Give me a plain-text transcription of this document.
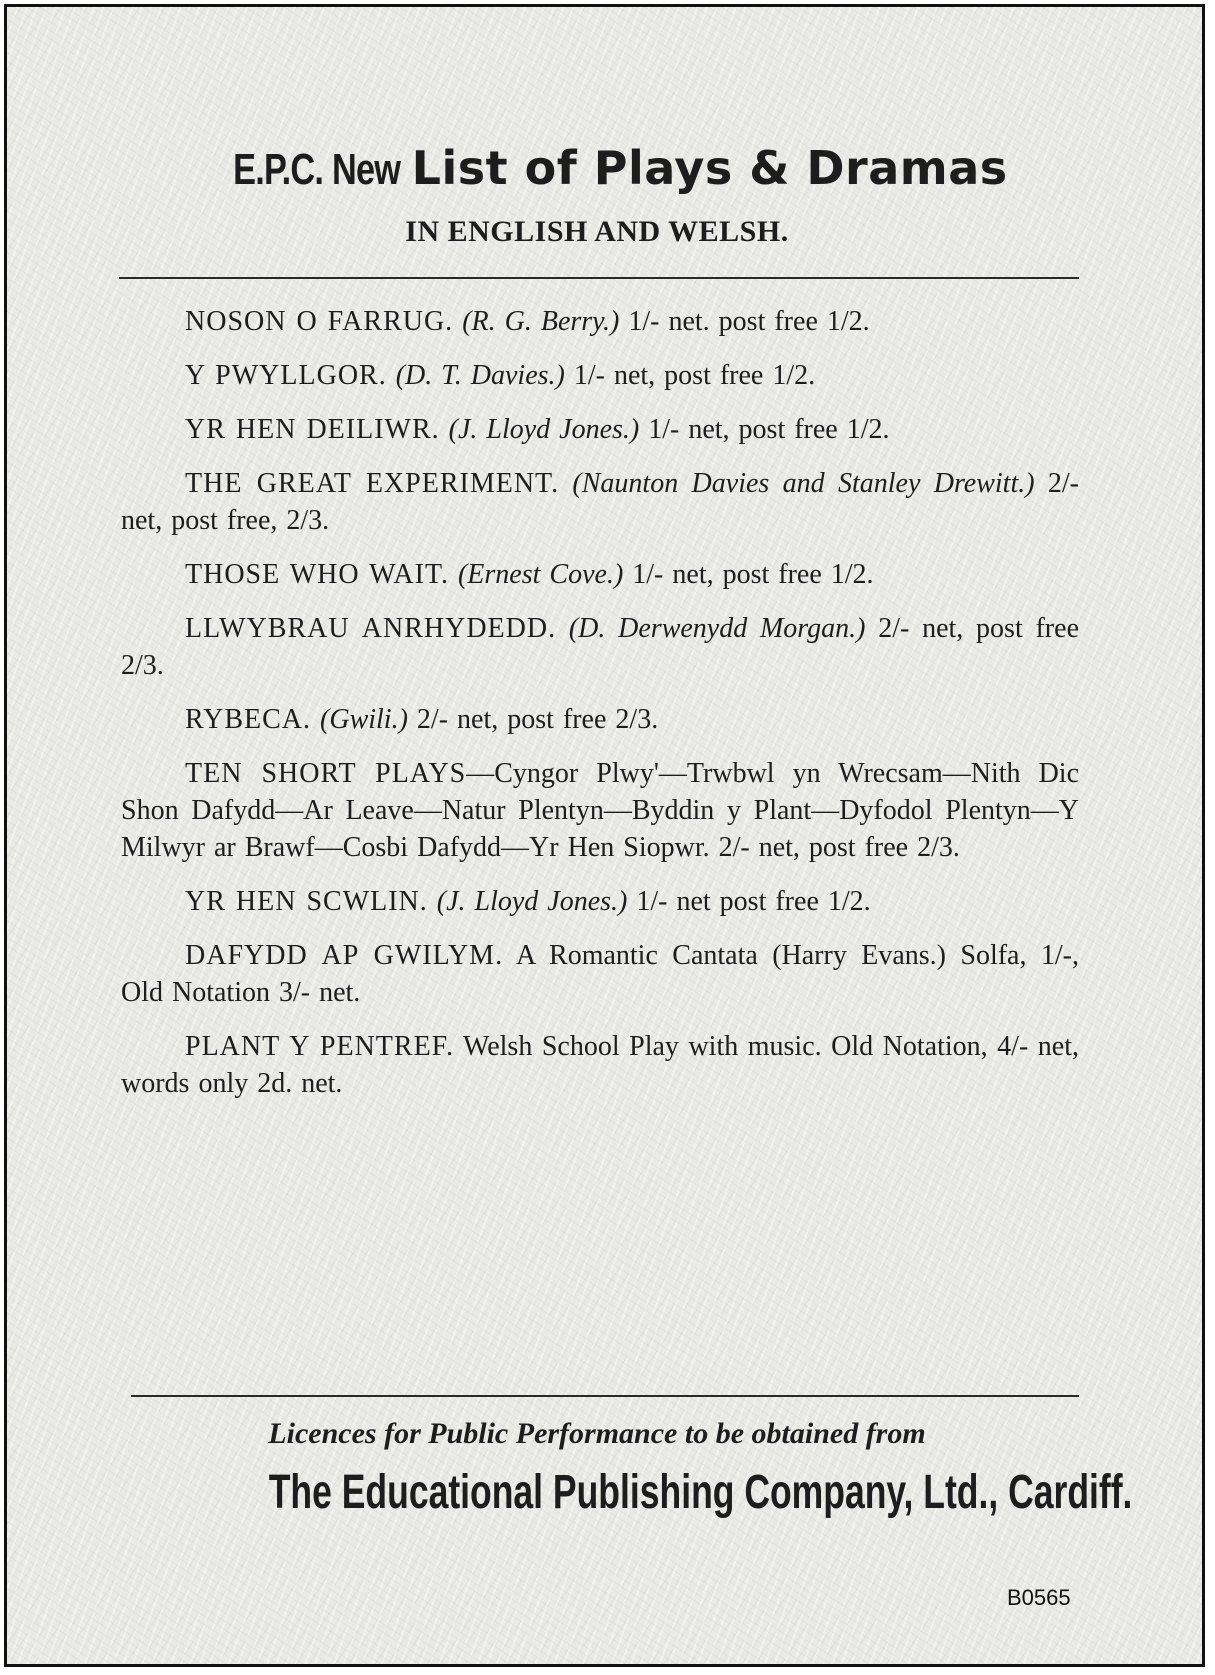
E.P.C. New List of Plays & Dramas
IN ENGLISH AND WELSH.

NOSON O FARRUG. (R. G. Berry.) 1/- net. post free 1/2.

Y PWYLLGOR. (D. T. Davies.) 1/- net, post free 1/2.

YR HEN DEILIWR. (J. Lloyd Jones.) 1/- net, post free 1/2.

THE GREAT EXPERIMENT. (Naunton Davies and Stanley Drewitt.) 2/- net, post free, 2/3.

THOSE WHO WAIT. (Ernest Cove.) 1/- net, post free 1/2.

LLWYBRAU ANRHYDEDD. (D. Derwenydd Morgan.) 2/- net, post free 2/3.

RYBECA. (Gwili.) 2/- net, post free 2/3.

TEN SHORT PLAYS—Cyngor Plwy'—Trwbwl yn Wrecsam—Nith Dic Shon Dafydd—Ar Leave—Natur Plentyn—Byddin y Plant—Dyfodol Plentyn—Y Milwyr ar Brawf—Cosbi Dafydd—Yr Hen Siopwr. 2/- net, post free 2/3.

YR HEN SCWLIN. (J. Lloyd Jones.) 1/- net post free 1/2.

DAFYDD AP GWILYM. A Romantic Cantata (Harry Evans.) Solfa, 1/-, Old Notation 3/- net.

PLANT Y PENTREF. Welsh School Play with music. Old Notation, 4/- net, words only 2d. net.

Licences for Public Performance to be obtained from
The Educational Publishing Company, Ltd., Cardiff.
B0565
